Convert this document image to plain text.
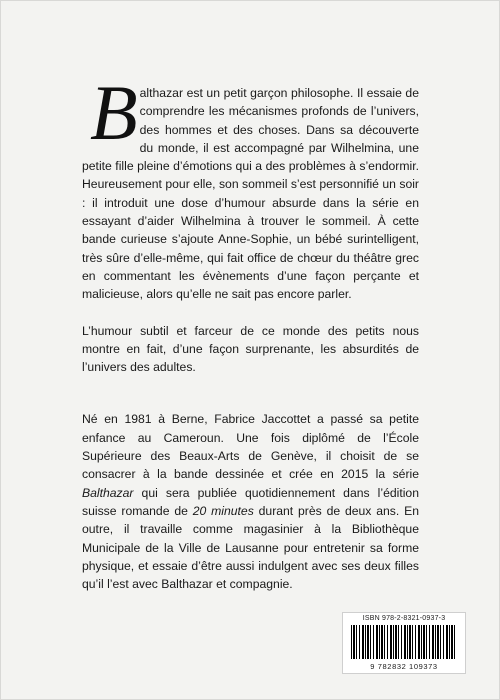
Balthazar est un petit garçon philosophe. Il essaie de comprendre les mécanismes profonds de l’univers, des hommes et des choses. Dans sa découverte du monde, il est accompagné par Wilhelmina, une petite fille pleine d’émotions qui a des problèmes à s’endormir. Heureusement pour elle, son sommeil s’est personnifié un soir : il introduit une dose d’humour absurde dans la série en essayant d’aider Wilhelmina à trouver le sommeil. À cette bande curieuse s’ajoute Anne-Sophie, un bébé surintelligent, très sûre d’elle-même, qui fait office de chœur du théâtre grec en commentant les évènements d’une façon perçante et malicieuse, alors qu’elle ne sait pas encore parler.

L’humour subtil et farceur de ce monde des petits nous montre en fait, d’une façon surprenante, les absurdités de l’univers des adultes.

Né en 1981 à Berne, Fabrice Jaccottet a passé sa petite enfance au Cameroun. Une fois diplômé de l’École Supérieure des Beaux-Arts de Genève, il choisit de se consacrer à la bande dessinée et crée en 2015 la série Balthazar qui sera publiée quotidiennement dans l’édition suisse romande de 20 minutes durant près de deux ans. En outre, il travaille comme magasinier à la Bibliothèque Municipale de la Ville de Lausanne pour entretenir sa forme physique, et essaie d’être aussi indulgent avec ses deux filles qu’il l’est avec Balthazar et compagnie.

ISBN 978-2-8321-0937-3
9 782832 109373
